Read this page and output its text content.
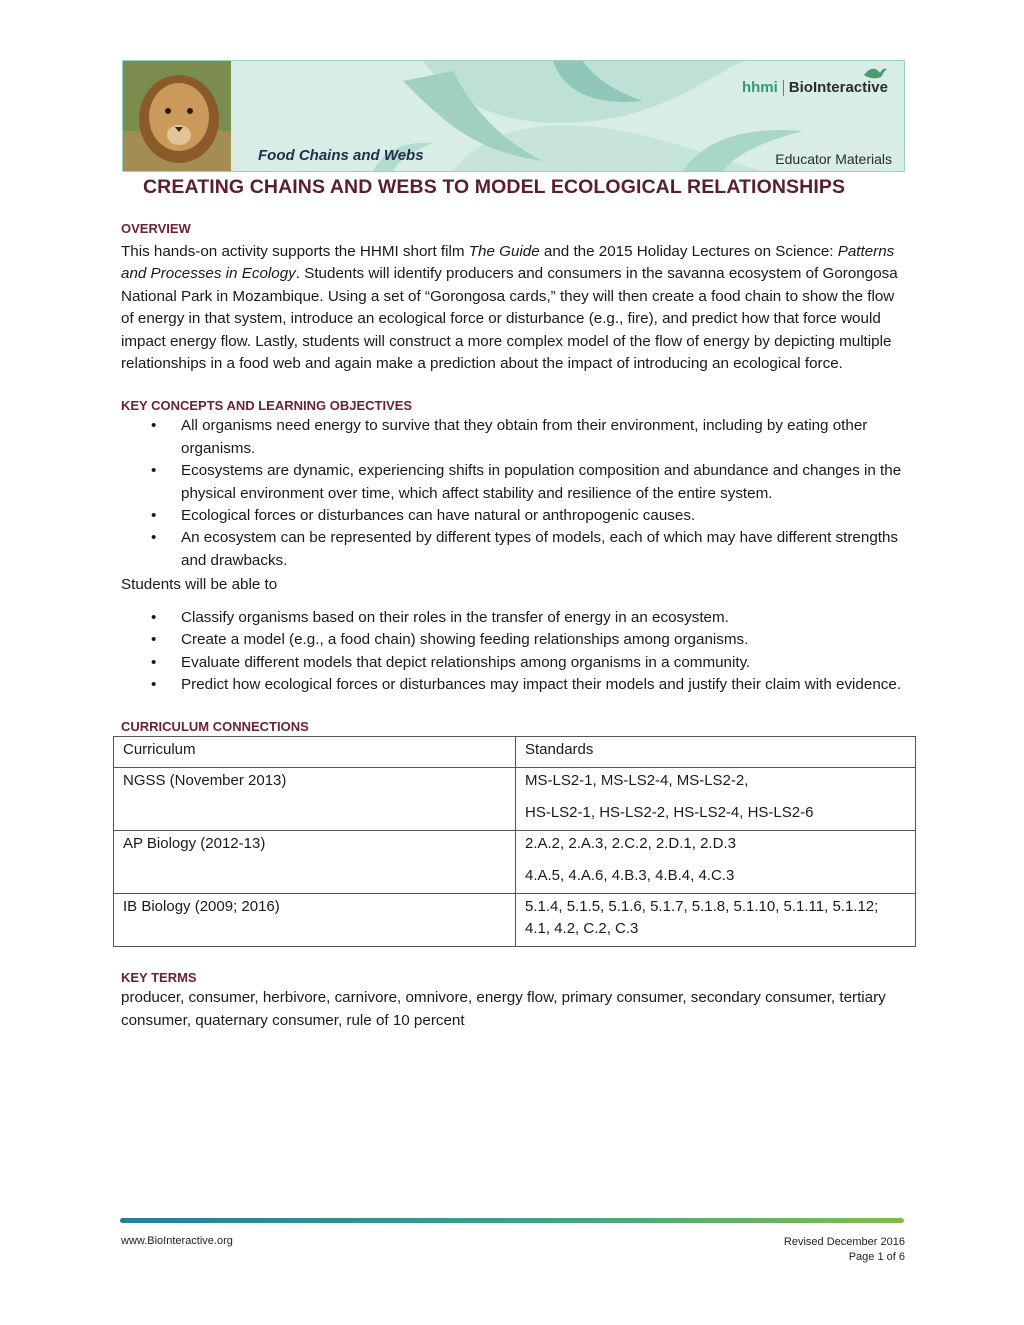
hhmi BioInteractive
Food Chains and Webs	Educator Materials
CREATING CHAINS AND WEBS TO MODEL ECOLOGICAL RELATIONSHIPS
OVERVIEW

This hands-on activity supports the HHMI short film The Guide and the 2015 Holiday Lectures on Science: Patterns and Processes in Ecology. Students will identify producers and consumers in the savanna ecosystem of Gorongosa National Park in Mozambique. Using a set of “Gorongosa cards,” they will then create a food chain to show the flow of energy in that system, introduce an ecological force or disturbance (e.g., fire), and predict how that force would impact energy flow. Lastly, students will construct a more complex model of the flow of energy by depicting multiple relationships in a food web and again make a prediction about the impact of introducing an ecological force.

KEY CONCEPTS AND LEARNING OBJECTIVES
• All organisms need energy to survive that they obtain from their environment, including by eating other organisms.
• Ecosystems are dynamic, experiencing shifts in population composition and abundance and changes in the physical environment over time, which affect stability and resilience of the entire system.
• Ecological forces or disturbances can have natural or anthropogenic causes.
• An ecosystem can be represented by different types of models, each of which may have different strengths and drawbacks.

Students will be able to

• Classify organisms based on their roles in the transfer of energy in an ecosystem.
• Create a model (e.g., a food chain) showing feeding relationships among organisms.
• Evaluate different models that depict relationships among organisms in a community.
• Predict how ecological forces or disturbances may impact their models and justify their claim with evidence.
CURRICULUM CONNECTIONS
Curriculum	Standards
NGSS (November 2013)	MS-LS2-1, MS-LS2-4, MS-LS2-2,
HS-LS2-1, HS-LS2-2, HS-LS2-4, HS-LS2-6

AP Biology (2012-13)	2.A.2, 2.A.3, 2.C.2, 2.D.1, 2.D.3
4.A.5, 4.A.6, 4.B.3, 4.B.4, 4.C.3

IB Biology (2009; 2016)	5.1.4, 5.1.5, 5.1.6, 5.1.7, 5.1.8, 5.1.10, 5.1.11, 5.1.12; 4.1, 4.2, C.2, C.3
KEY TERMS

producer, consumer, herbivore, carnivore, omnivore, energy flow, primary consumer, secondary consumer, tertiary consumer, quaternary consumer, rule of 10 percent

www.BioInteractive.org	Revised December 2016
Page 1 of 6
